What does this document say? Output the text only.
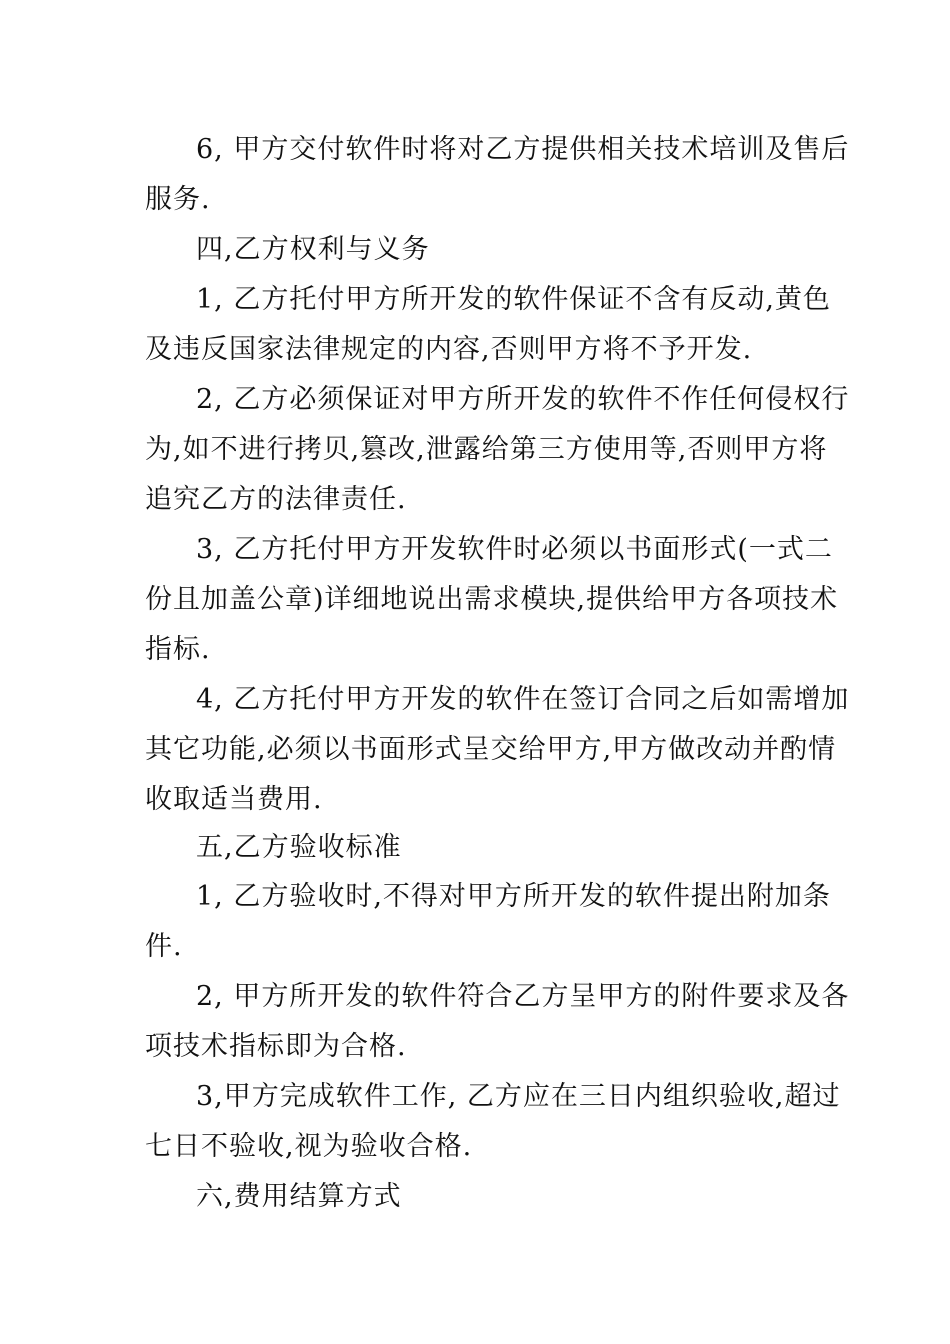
6, 甲方交付软件时将对乙方提供相关技术培训及售后
服务.
四,乙方权利与义务
1, 乙方托付甲方所开发的软件保证不含有反动,黄色
及违反国家法律规定的内容,否则甲方将不予开发.
2, 乙方必须保证对甲方所开发的软件不作任何侵权行
为,如不进行拷贝,篡改,泄露给第三方使用等,否则甲方将
追究乙方的法律责任.
3, 乙方托付甲方开发软件时必须以书面形式(一式二
份且加盖公章)详细地说出需求模块,提供给甲方各项技术
指标.
4, 乙方托付甲方开发的软件在签订合同之后如需增加
其它功能,必须以书面形式呈交给甲方,甲方做改动并酌情
收取适当费用.
五,乙方验收标准
1, 乙方验收时,不得对甲方所开发的软件提出附加条
件.
2, 甲方所开发的软件符合乙方呈甲方的附件要求及各
项技术指标即为合格.
3,甲方完成软件工作, 乙方应在三日内组织验收,超过
七日不验收,视为验收合格.
六,费用结算方式
